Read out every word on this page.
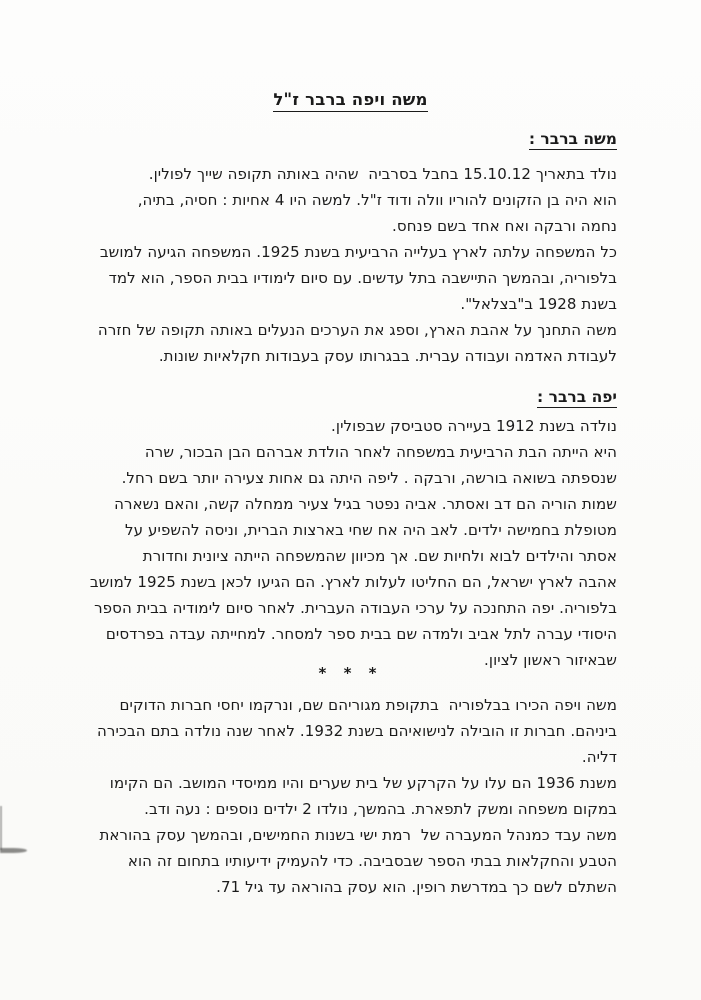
משה ויפה ברבר ז"ל
משה ברבר :
נולד בתאריך 15.10.12 בחבל בסרביה  שהיה באותה תקופה שייך לפולין.
הוא היה בן הזקונים להוריו וולה ודוד ז"ל. למשה היו 4 אחיות : חסיה, בתיה,
נחמה ורבקה ואח אחד בשם פנחס.
כל המשפחה עלתה לארץ בעלייה הרביעית בשנת 1925. המשפחה הגיעה למושב
בלפוריה, ובהמשך התיישבה בתל עדשים. עם סיום לימודיו בבית הספר, הוא למד
בשנת 1928 ב"בצלאל".
משה התחנך על אהבת הארץ, וספג את הערכים הנעלים באותה תקופה של חזרה
לעבודת האדמה ועבודה עברית. בבגרותו עסק בעבודות חקלאיות שונות.
יפה ברבר :
נולדה בשנת 1912 בעיירה סטביסק שבפולין.
היא הייתה הבת הרביעית במשפחה לאחר הולדת אברהם הבן הבכור, שרה
שנספתה בשואה בורשה, ורבקה . ליפה היתה גם אחות צעירה יותר בשם רחל.
שמות הוריה הם דב ואסתר. אביה נפטר בגיל צעיר ממחלה קשה, והאם נשארה
מטופלת בחמישה ילדים. לאב היה אח שחי בארצות הברית, וניסה להשפיע על
אסתר והילדים לבוא ולחיות שם. אך מכיוון שהמשפחה הייתה ציונית וחדורת
אהבה לארץ ישראל, הם החליטו לעלות לארץ. הם הגיעו לכאן בשנת 1925 למושב
בלפוריה. יפה התחנכה על ערכי העבודה העברית. לאחר סיום לימודיה בבית הספר
היסודי עברה לתל אביב ולמדה שם בבית ספר למסחר. למחייתה עבדה בפרדסים
שבאיזור ראשון לציון.
* * *
משה ויפה הכירו בבלפוריה  בתקופת מגוריהם שם, ונרקמו יחסי חברות הדוקים
ביניהם. חברות זו הובילה לנישואיהם בשנת 1932. לאחר שנה נולדה בתם הבכירה
דליה.
משנת 1936 הם עלו על הקרקע של בית שערים והיו ממיסדי המושב. הם הקימו
במקום משפחה ומשק לתפארת. בהמשך, נולדו 2 ילדים נוספים : נעה ודב.
משה עבד כמנהל המעברה של  רמת ישי בשנות החמישים, ובהמשך עסק בהוראת
הטבע והחקלאות בבתי הספר שבסביבה. כדי להעמיק ידיעותיו בתחום זה הוא
השתלם לשם כך במדרשת רופין. הוא עסק בהוראה עד גיל 71.
